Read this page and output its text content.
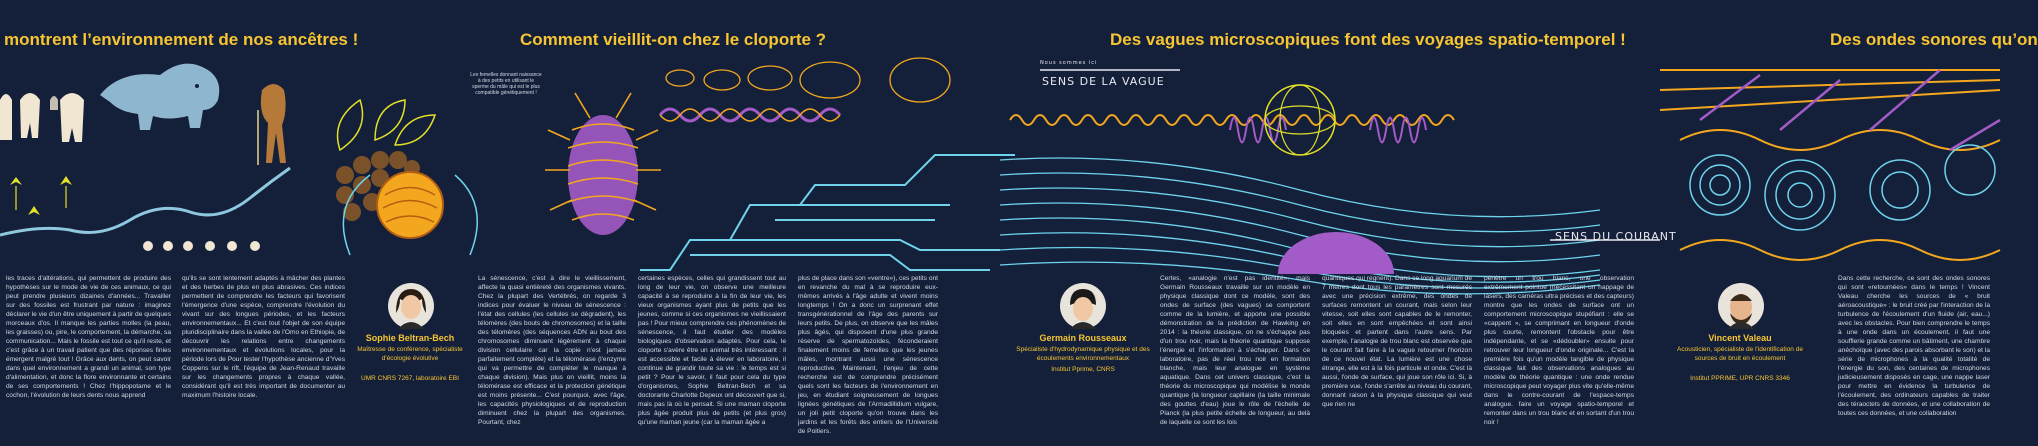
montrent l’environnement de nos ancêtres !
les traces d'altérations, qui permettent de produire des hypothèses sur le mode de vie de ces animaux, ce qui peut prendre plusieurs dizaines d'années... Travailler sur des fossiles est frustrant par nature : imaginez déclarer le vie d'un être uniquement à partir de quelques morceaux d'os. Il manque les parties molles (la peau, les graisses) ou, pire, le comportement, la démarche, sa communication... Mais le fossile est tout ce qu'il reste, et c'est grâce à un travail patient que des réponses finies émergent malgré tout ! Grâce aux dents, on peut savoir dans quel environnement a grandi un animal, son type d'alimentation, et donc la flore environnante et certains de ses comportements ! Chez l'hippopotame et le cochon, l'évolution de leurs dents nous apprend
qu'ils se sont lentement adaptés à mâcher des plantes et des herbes de plus en plus abrasives. Ces indices permettent de comprendre les facteurs qui favorisent l'émergence d'une espèce, comprendre l'évolution du vivant sur des longues périodes, et les facteurs environnementaux... Et c'est tout l'objet de son équipe pluridisciplinaire dans la vallée de l'Omo en Ethiopie, de découvrir les relations entre changements environnementaux et évolutions locales, pour la période lors de Pour tester l'hypothèse ancienne d'Yves Coppens sur le rift, l'équipe de Jean-Renaud travaille sur les changements propres à chaque vallée, considérant qu'il est très important de documenter au maximum l'histoire locale.
Comment vieillit-on chez le cloporte ?
Les femelles donnant naissance à des petits en utilisant le sperme du mâle qui est le plus compatible génétiquement !
Sophie Beltran-Bech
Maîtresse de conférence, spécialiste d'écologie évolutive
UMR CNRS 7267, laboratoire EBI
La sénescence, c'est à dire le vieillissement, affecte la quasi entièreté des organismes vivants. Chez la plupart des Vertébrés, on regarde 3 indices pour évaluer le niveau de sénescence : l'état des cellules (les cellules se dégradent), les télomères (des bouts de chromosomes) et la taille des télomères (des séquences ADN au bout des chromosomes diminuent légèrement à chaque division cellulaire car la copie n'est jamais parfaitement complète) et la télomérase (l'enzyme qui va permettre de compléter le manque à chaque division). Mais plus on vieillit, moins la télomérase est efficace et la protection génétique est moins présente... C'est pourquoi, avec l'âge, les capacités physiologiques et de reproduction diminuent chez la plupart des organismes. Pourtant, chez
certaines espèces, celles qui grandissent tout au long de leur vie, on observe une meilleure capacité à se reproduire à la fin de leur vie, les vieux organismes ayant plus de petits que les jeunes, comme si ces organismes ne vieillissaient pas ! Pour mieux comprendre ces phénomènes de sénescence, il faut étudier des modèles biologiques d'observation adaptés. Pour cela, le cloporte s'avère être un animal très intéressant : il est accessible et facile à élever en laboratoire, il continue de grandir toute sa vie : le temps est si petit ? Pour le savoir, il faut pour cela du type d'organismes, Sophie Beltran-Bech et sa doctorante Charlotte Depeux ont découvert que si, mais pas là où le pensait. Si une maman cloporte plus âgée produit plus de petits (et plus gros) qu'une maman jeune (car la maman âgée a
plus de place dans son «ventre»), ces petits ont en revanche du mal à se reproduire eux-mêmes arrivés à l'âge adulte et vivent moins longtemps ! On a donc un surprenant effet transgénérationnel de l'âge des parents sur leurs petits. De plus, on observe que les mâles plus âgés, qui disposent d'une plus grande réserve de spermatozoïdes, féconderaient finalement moins de femelles que les jeunes mâles, montrant aussi une sénescence reproductive. Maintenant, l'enjeu de cette recherche est de comprendre précisément quels sont les facteurs de l'environnement en jeu, en étudiant soigneusement de longues lignées génétiques de l'Armadillidium vulgare, un joli petit cloporte qu'on trouve dans les jardins et les forêts des entiers de l'Université de Poitiers.
Des vagues microscopiques font des voyages spatio-temporel !
SENS DE LA VAGUE
Nous sommes ici
SENS DU COURANT
Germain Rousseaux
Spécialiste d'hydrodynamique physique et des écoulements environnementaux
Institut Pprime, CNRS
Certes, «analogie n'est pas identité», mais Germain Rousseaux travaille sur un modèle en physique classique dont ce modèle, sont des ondes de surface (des vagues) se comportent comme de la lumière, et apporte une possible démonstration de la prédiction de Hawking en 2014 : la théorie classique, on ne s'échappe pas d'un trou noir, mais la théorie quantique suppose l'énergie et l'information à s'échapper. Dans ce laboratoire, pas de réel trou noir en formation blanche, mais leur analogue en système aquatique. Dans cet univers classique, c'est la théorie du microscopique qui modélise le monde quantique (la longueur capillaire (la taille minimale des gouttes d'eau) joue le rôle de l'échelle de Planck (la plus petite échelle de longueur, au delà de laquelle ce sont les lois
quantiques qui règnent). Dans ce long aquarium de 7 mètres dont tous les paramètres sont mesurés avec une précision extrême, des ondes de surfaces remontent un courant, mais selon leur vitesse, soit elles sont capables de le remonter, soit elles en sont empêchées et sont ainsi bloquées et partent dans l'autre sens. Par exemple, l'analogie de trou blanc est observée que le courant fait faire à la vague retourner l'horizon de ce nouvel état. La lumière est une chose étrange, elle est à la fois particule et onde. C'est là aussi, l'onde de surface, qui joue son rôle ici. Si, à première vue, l'onde s'arrête au niveau du courant, donnant raison à la physique classique qui veut que rien ne
pénètre un trou blanc, une observation extrêmement pointue (nécessitant un nappage de lasers, des caméras ultra précises et des capteurs) montre que les ondes de surface ont un comportement microscopique stupéfiant : elle se «cappent », se comprimant en longueur d'onde plus courte, remontent l'obstacle pour être indépendante, et se «dédoubler» ensuite pour retrouver leur longueur d'onde originale... C'est la première fois qu'un modèle tangible de physique classique fait des observations analogues au modèle de théorie quantique : une onde rendue microscopique peut voyager plus vite qu'elle-même dans le contre-courant de l'espace-temps analogue. faire un voyage spatio-temporel et remonter dans un trou blanc et en sortant d'un trou noir !
Des ondes sonores qu’on
Vincent Valeau
Acousticien, spécialiste de l'identification de sources de bruit en écoulement
Institut PPRIME, UPR CNRS 3346
Dans cette recherche, ce sont des ondes sonores qui sont «retournées» dans le temps ! Vincent Valeau cherche les sources de « bruit aéroacoustique» : le bruit créé par l'interaction de la turbulence de l'écoulement d'un fluide (air, eau...) avec les obstacles. Pour bien comprendre le temps à une onde dans un écoulement, il faut une soufflerie grande comme un bâtiment, une chambre anéchoïque (avec des parois absorbant le son) et la série de microphones à la qualité totalité de l'énergie du son, des centaines de microphones judicieusement disposés en cage, une nappe laser pour mettre en évidence la turbulence de l'écoulement, des ordinateurs capables de traiter des téraoctets de données, et une collaboration de toutes ces données, et une collaboration
